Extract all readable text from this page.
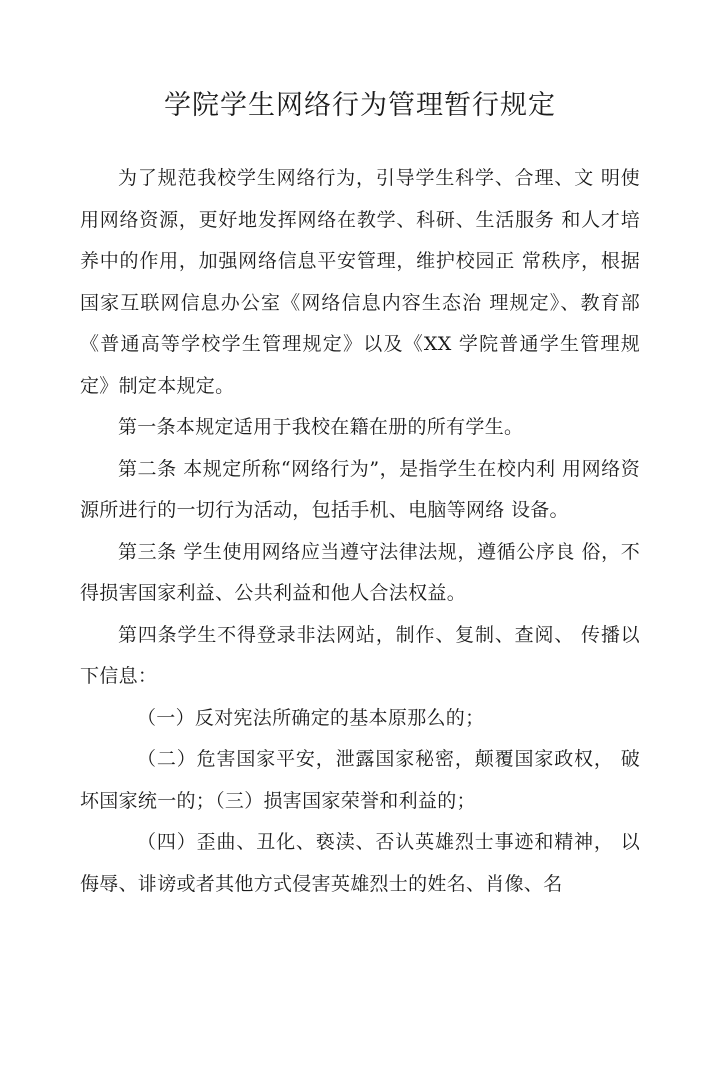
学院学生网络行为管理暂行规定

为了规范我校学生网络行为，引导学生科学、合理、文 明使用网络资源，更好地发挥网络在教学、科研、生活服务 和人才培养中的作用，加强网络信息平安管理，维护校园正 常秩序，根据国家互联网信息办公室《网络信息内容生态治 理规定》、教育部《普通高等学校学生管理规定》以及《XX 学院普通学生管理规定》制定本规定。

第一条本规定适用于我校在籍在册的所有学生。

第二条 本规定所称“网络行为”，是指学生在校内利 用网络资源所进行的一切行为活动，包括手机、电脑等网络 设备。

第三条 学生使用网络应当遵守法律法规，遵循公序良 俗，不得损害国家利益、公共利益和他人合法权益。

第四条学生不得登录非法网站，制作、复制、查阅、 传播以下信息：

（一）反对宪法所确定的基本原那么的；

（二）危害国家平安，泄露国家秘密，颠覆国家政权， 破坏国家统一的；（三）损害国家荣誉和利益的；

（四）歪曲、丑化、亵渎、否认英雄烈士事迹和精神， 以侮辱、诽谤或者其他方式侵害英雄烈士的姓名、肖像、名
